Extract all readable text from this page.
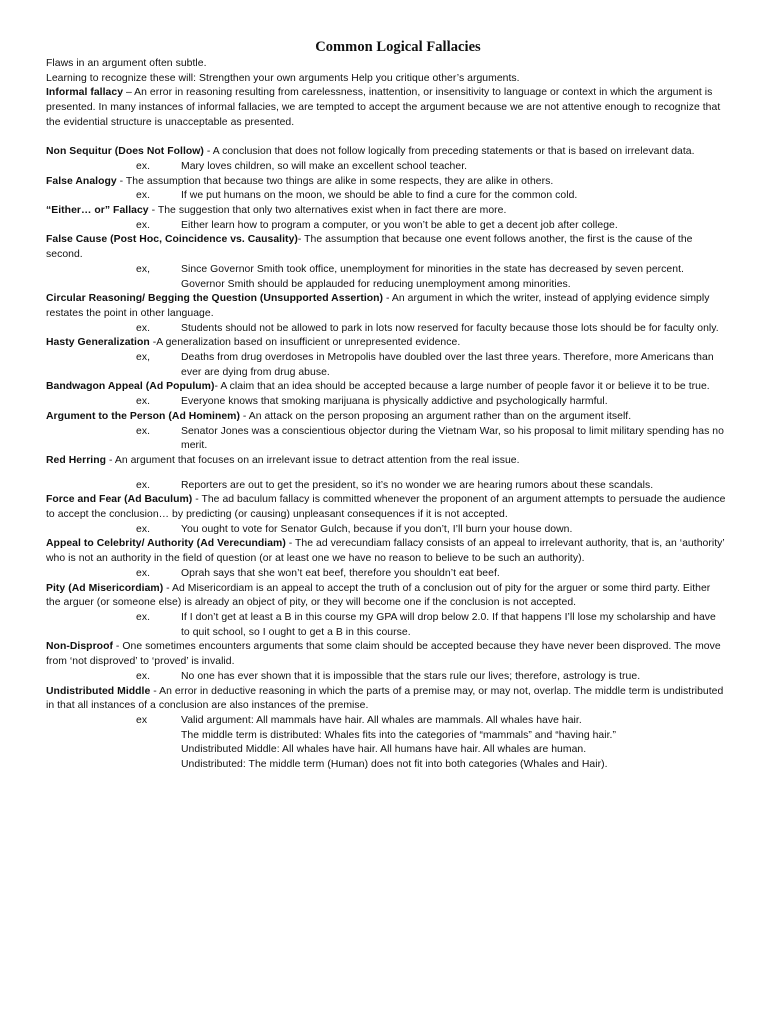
Common Logical Fallacies
Flaws in an argument often subtle.
Learning to recognize these will: Strengthen your own arguments Help you critique other’s arguments.
Informal fallacy – An error in reasoning resulting from carelessness, inattention, or insensitivity to language or context in which the argument is presented. In many instances of informal fallacies, we are tempted to accept the argument because we are not attentive enough to recognize that the evidential structure is unacceptable as presented.
Non Sequitur (Does Not Follow) - A conclusion that does not follow logically from preceding statements or that is based on irrelevant data.
ex.	Mary loves children, so will make an excellent school teacher.
False Analogy - The assumption that because two things are alike in some respects, they are alike in others.
ex.	If we put humans on the moon, we should be able to find a cure for the common cold.
“Either… or” Fallacy - The suggestion that only two alternatives exist when in fact there are more.
ex.	Either learn how to program a computer, or you won’t be able to get a decent job after college.
False Cause (Post Hoc, Coincidence vs. Causality)- The assumption that because one event follows another, the first is the cause of the second.
ex,	Since Governor Smith took office, unemployment for minorities in the state has decreased by seven percent. Governor Smith should be applauded for reducing unemployment among minorities.
Circular Reasoning/ Begging the Question (Unsupported Assertion) - An argument in which the writer, instead of applying evidence simply restates the point in other language.
ex.	Students should not be allowed to park in lots now reserved for faculty because those lots should be for faculty only.
Hasty Generalization -A generalization based on insufficient or unrepresented evidence.
ex,	Deaths from drug overdoses in Metropolis have doubled over the last three years. Therefore, more Americans than ever are dying from drug abuse.
Bandwagon Appeal (Ad Populum)- A claim that an idea should be accepted because a large number of people favor it or believe it to be true.
ex.	Everyone knows that smoking marijuana is physically addictive and psychologically harmful.
Argument to the Person (Ad Hominem) - An attack on the person proposing an argument rather than on the argument itself.
ex.	Senator Jones was a conscientious objector during the Vietnam War, so his proposal to limit military spending has no merit.
Red Herring - An argument that focuses on an irrelevant issue to detract attention from the real issue.
ex.	Reporters are out to get the president, so it’s no wonder we are hearing rumors about these scandals.
Force and Fear (Ad Baculum) - The ad baculum fallacy is committed whenever the proponent of an argument attempts to persuade the audience to accept the conclusion… by predicting (or causing) unpleasant consequences if it is not accepted.
ex.	You ought to vote for Senator Gulch, because if you don’t, I’ll burn your house down.
Appeal to Celebrity/ Authority (Ad Verecundiam) - The ad verecundiam fallacy consists of an appeal to irrelevant authority, that is, an ‘authority’ who is not an authority in the field of question (or at least one we have no reason to believe to be such an authority).
ex.	Oprah says that she won’t eat beef, therefore you shouldn’t eat beef.
Pity (Ad Misericordiam) - Ad Misericordiam is an appeal to accept the truth of a conclusion out of pity for the arguer or some third party. Either the arguer (or someone else) is already an object of pity, or they will become one if the conclusion is not accepted.
ex.	If I don’t get at least a B in this course my GPA will drop below 2.0. If that happens I’ll lose my scholarship and have to quit school, so I ought to get a B in this course.
Non-Disproof - One sometimes encounters arguments that some claim should be accepted because they have never been disproved. The move from ‘not disproved’ to ‘proved’ is invalid.
ex.	No one has ever shown that it is impossible that the stars rule our lives; therefore, astrology is true.
Undistributed Middle - An error in deductive reasoning in which the parts of a premise may, or may not, overlap. The middle term is undistributed in that all instances of a conclusion are also instances of the premise.
ex	Valid argument: All mammals have hair. All whales are mammals. All whales have hair.
The middle term is distributed: Whales fits into the categories of “mammals” and “having hair.”
Undistributed Middle: All whales have hair. All humans have hair. All whales are human.
Undistributed: The middle term (Human) does not fit into both categories (Whales and Hair).
